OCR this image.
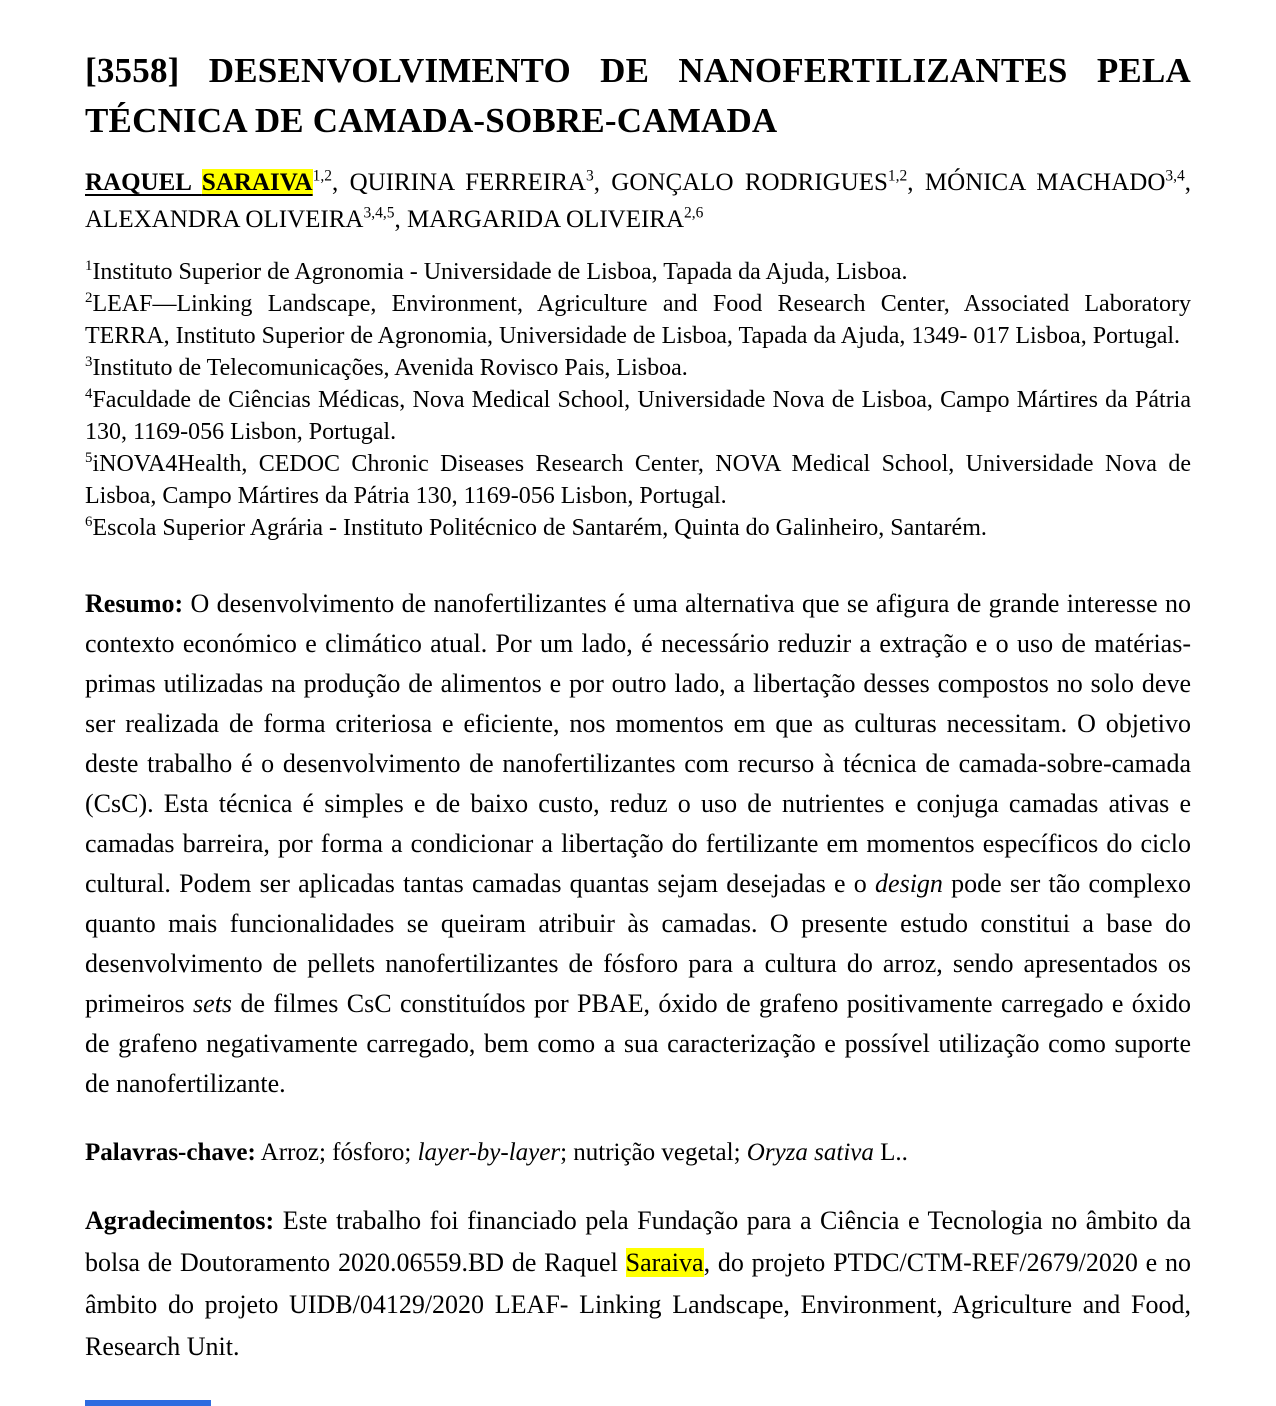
[3558] DESENVOLVIMENTO DE NANOFERTILIZANTES PELA TÉCNICA DE CAMADA-SOBRE-CAMADA

RAQUEL SARAIVA$^{1,2}$, QUIRINA FERREIRA$^3$, GONÇALO RODRIGUES$^{1,2}$, MÓNICA MACHADO$^{3,4}$, ALEXANDRA OLIVEIRA$^{3,4,5}$, MARGARIDA OLIVEIRA$^{2,6}$

$^1$Instituto Superior de Agronomia - Universidade de Lisboa, Tapada da Ajuda, Lisboa.

$^2$LEAF—Linking Landscape, Environment, Agriculture and Food Research Center, Associated Laboratory TERRA, Instituto Superior de Agronomia, Universidade de Lisboa, Tapada da Ajuda, 1349- 017 Lisboa, Portugal.

$^3$Instituto de Telecomunicações, Avenida Rovisco Pais, Lisboa.

$^4$Faculdade de Ciências Médicas, Nova Medical School, Universidade Nova de Lisboa, Campo Mártires da Pátria 130, 1169-056 Lisbon, Portugal.

$^5$iNOVA4Health, CEDOC Chronic Diseases Research Center, NOVA Medical School, Universidade Nova de Lisboa, Campo Mártires da Pátria 130, 1169-056 Lisbon, Portugal.

$^6$Escola Superior Agrária - Instituto Politécnico de Santarém, Quinta do Galinheiro, Santarém.

Resumo: O desenvolvimento de nanofertilizantes é uma alternativa que se afigura de grande interesse no contexto económico e climático atual. Por um lado, é necessário reduzir a extração e o uso de matérias-primas utilizadas na produção de alimentos e por outro lado, a libertação desses compostos no solo deve ser realizada de forma criteriosa e eficiente, nos momentos em que as culturas necessitam. O objetivo deste trabalho é o desenvolvimento de nanofertilizantes com recurso à técnica de camada-sobre-camada (CsC). Esta técnica é simples e de baixo custo, reduz o uso de nutrientes e conjuga camadas ativas e camadas barreira, por forma a condicionar a libertação do fertilizante em momentos específicos do ciclo cultural. Podem ser aplicadas tantas camadas quantas sejam desejadas e o design pode ser tão complexo quanto mais funcionalidades se queiram atribuir às camadas. O presente estudo constitui a base do desenvolvimento de pellets nanofertilizantes de fósforo para a cultura do arroz, sendo apresentados os primeiros sets de filmes CsC constituídos por PBAE, óxido de grafeno positivamente carregado e óxido de grafeno negativamente carregado, bem como a sua caracterização e possível utilização como suporte de nanofertilizante.

Palavras-chave: Arroz; fósforo; layer-by-layer; nutrição vegetal; Oryza sativa L..

Agradecimentos: Este trabalho foi financiado pela Fundação para a Ciência e Tecnologia no âmbito da bolsa de Doutoramento 2020.06559.BD de Raquel Saraiva, do projeto PTDC/CTM-REF/2679/2020 e no âmbito do projeto UIDB/04129/2020 LEAF- Linking Landscape, Environment, Agriculture and Food, Research Unit.
